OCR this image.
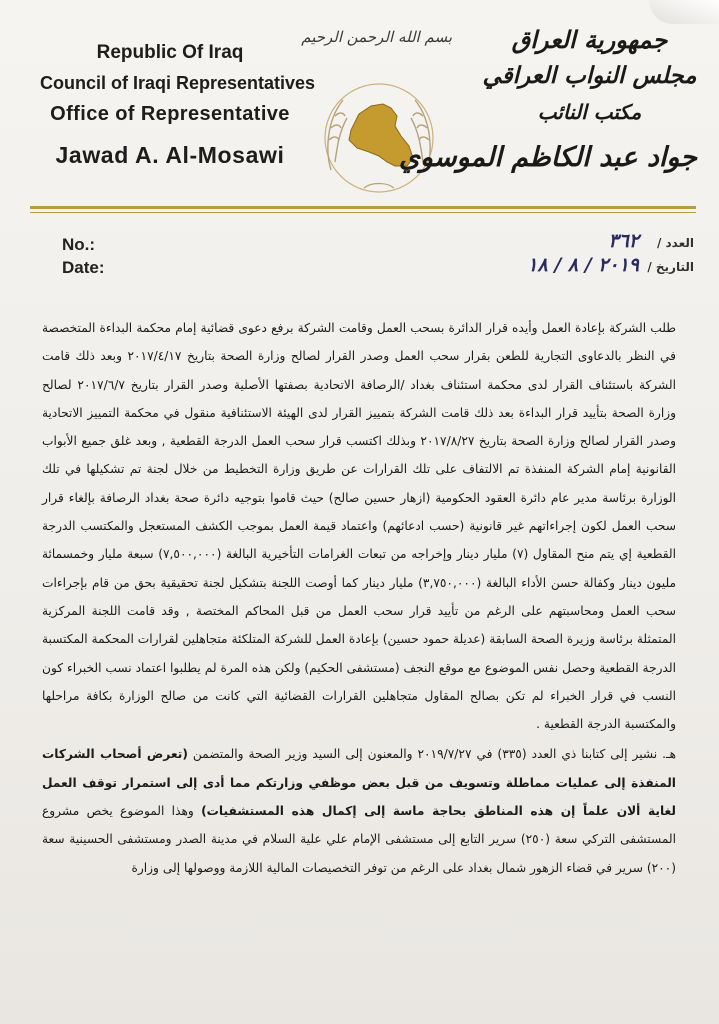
Republic Of Iraq
Council of Iraqi Representatives
Office of Representative
Jawad A. Al-Mosawi
بسم الله الرحمن الرحيم	جمهورية العراق
مجلس النواب العراقي
مكتب النائب
جواد عبد الكاظم الموسوي
No.:
Date:
العدد /
٣٦٢
التاريخ /
٢٠١٩ / ٨ / ١٨

طلب الشركة بإعادة العمل وأيده قرار الدائرة بسحب العمل وقامت الشركة برفع دعوى قضائية إمام محكمة البداءة المتخصصة في النظر بالدعاوى التجارية للطعن بقرار سحب العمل وصدر القرار لصالح وزارة الصحة بتاريخ ٢٠١٧/٤/١٧ وبعد ذلك قامت الشركة باستئناف القرار لدى محكمة استئناف بغداد /الرصافة الاتحادية بصفتها الأصلية وصدر القرار بتاريخ ٢٠١٧/٦/٧ لصالح وزارة الصحة بتأييد قرار البداءة بعد ذلك قامت الشركة بتمييز القرار لدى الهيئة الاستئنافية منقول في محكمة التمييز الاتحادية وصدر القرار لصالح وزارة الصحة بتاريخ ٢٠١٧/٨/٢٧ وبذلك اكتسب قرار سحب العمل الدرجة القطعية , وبعد غلق جميع الأبواب القانونية إمام الشركة المنفذة تم الالتفاف على تلك القرارات عن طريق وزارة التخطيط من خلال لجنة تم تشكيلها في تلك الوزارة برئاسة مدير عام دائرة العقود الحكومية (ازهار حسين صالح) حيث قاموا بتوجيه دائرة صحة بغداد الرصافة بإلغاء قرار سحب العمل لكون إجراءاتهم غير قانونية (حسب ادعائهم) واعتماد قيمة العمل بموجب الكشف المستعجل والمكتسب الدرجة القطعية إي يتم منح المقاول (٧) مليار دينار وإخراجه من تبعات الغرامات التأخيرية البالغة (٧,٥٠٠,٠٠٠) سبعة مليار وخمسمائة مليون دينار وكفالة حسن الأداء البالغة (٣,٧٥٠,٠٠٠) مليار دينار كما أوصت اللجنة بتشكيل لجنة تحقيقية بحق من قام بإجراءات سحب العمل ومحاسبتهم على الرغم من تأييد قرار سحب العمل من قبل المحاكم المختصة , وقد قامت اللجنة المركزية المتمثلة برئاسة وزيرة الصحة السابقة (عديلة حمود حسين) بإعادة العمل للشركة المتلكئة متجاهلين لقرارات المحكمة المكتسبة الدرجة القطعية وحصل نفس الموضوع مع موقع النجف (مستشفى الحكيم) ولكن هذه المرة لم يطلبوا اعتماد نسب الخبراء كون النسب في قرار الخبراء لم تكن بصالح المقاول متجاهلين القرارات القضائية التي كانت من صالح الوزارة بكافة مراحلها والمكتسبة الدرجة القطعية .

هـ. نشير إلى كتابنا ذي العدد (٣٣٥) في ٢٠١٩/٧/٢٧ والمعنون إلى السيد وزير الصحة والمتضمن (تعرض أصحاب الشركات المنفذة إلى عمليات مماطلة وتسويف من قبل بعض موظفي وزارتكم مما أدى إلى استمرار توقف العمل لغاية ألان علماً إن هذه المناطق بحاجة ماسة إلى إكمال هذه المستشفيات) وهذا الموضوع يخص مشروع المستشفى التركي سعة (٢٥٠) سرير التابع إلى مستشفى الإمام علي علية السلام في مدينة الصدر ومستشفى الحسينية سعة (٢٠٠) سرير في قضاء الزهور شمال بغداد على الرغم من توفر التخصيصات المالية اللازمة ووصولها إلى وزارة
